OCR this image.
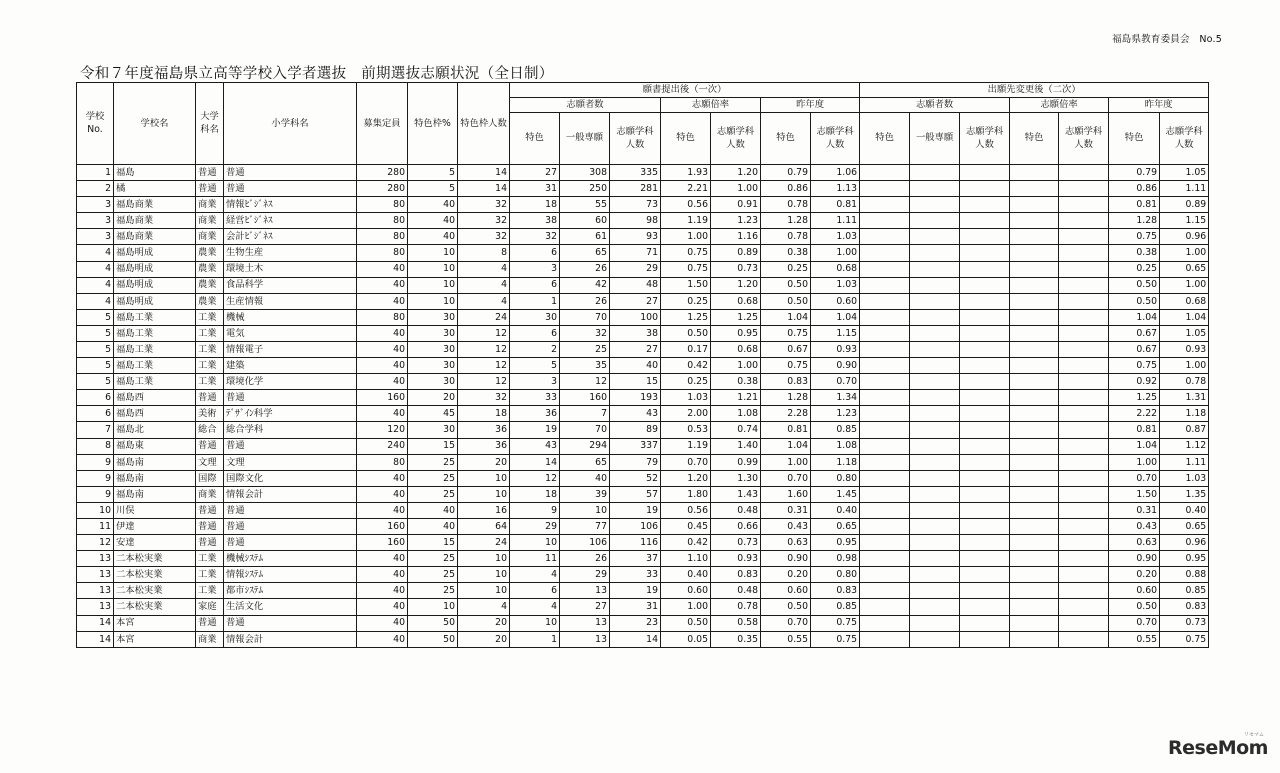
福島県教育委員会　No.5
令和７年度福島県立高等学校入学者選抜　前期選抜志願状況（全日制）
学校No.	学校名	大学科名	小学科名	募集定員	特色枠%	特色枠人数	願書提出後（一次）							出願先変更後（二次）						
							志願者数			志願倍率		昨年度		志願者数			志願倍率		昨年度	
							特色	一般専願	志願学科人数	特色	志願学科人数	特色	志願学科人数	特色	一般専願	志願学科人数	特色	志願学科人数	特色	志願学科人数
1	福島	普通	普通	280	5	14	27	308	335	1.93	1.20	0.79	1.06						0.79	1.05
2	橘	普通	普通	280	5	14	31	250	281	2.21	1.00	0.86	1.13						0.86	1.11
3	福島商業	商業	情報ﾋﾞｼﾞﾈｽ	80	40	32	18	55	73	0.56	0.91	0.78	0.81						0.81	0.89
3	福島商業	商業	経営ﾋﾞｼﾞﾈｽ	80	40	32	38	60	98	1.19	1.23	1.28	1.11						1.28	1.15
3	福島商業	商業	会計ﾋﾞｼﾞﾈｽ	80	40	32	32	61	93	1.00	1.16	0.78	1.03						0.75	0.96
4	福島明成	農業	生物生産	80	10	8	6	65	71	0.75	0.89	0.38	1.00						0.38	1.00
4	福島明成	農業	環境土木	40	10	4	3	26	29	0.75	0.73	0.25	0.68						0.25	0.65
4	福島明成	農業	食品科学	40	10	4	6	42	48	1.50	1.20	0.50	1.03						0.50	1.00
4	福島明成	農業	生産情報	40	10	4	1	26	27	0.25	0.68	0.50	0.60						0.50	0.68
5	福島工業	工業	機械	80	30	24	30	70	100	1.25	1.25	1.04	1.04						1.04	1.04
5	福島工業	工業	電気	40	30	12	6	32	38	0.50	0.95	0.75	1.15						0.67	1.05
5	福島工業	工業	情報電子	40	30	12	2	25	27	0.17	0.68	0.67	0.93						0.67	0.93
5	福島工業	工業	建築	40	30	12	5	35	40	0.42	1.00	0.75	0.90						0.75	1.00
5	福島工業	工業	環境化学	40	30	12	3	12	15	0.25	0.38	0.83	0.70						0.92	0.78
6	福島西	普通	普通	160	20	32	33	160	193	1.03	1.21	1.28	1.34						1.25	1.31
6	福島西	美術	ﾃﾞｻﾞｲﾝ科学	40	45	18	36	7	43	2.00	1.08	2.28	1.23						2.22	1.18
7	福島北	総合	総合学科	120	30	36	19	70	89	0.53	0.74	0.81	0.85						0.81	0.87
8	福島東	普通	普通	240	15	36	43	294	337	1.19	1.40	1.04	1.08						1.04	1.12
9	福島南	文理	文理	80	25	20	14	65	79	0.70	0.99	1.00	1.18						1.00	1.11
9	福島南	国際	国際文化	40	25	10	12	40	52	1.20	1.30	0.70	0.80						0.70	1.03
9	福島南	商業	情報会計	40	25	10	18	39	57	1.80	1.43	1.60	1.45						1.50	1.35
10	川俣	普通	普通	40	40	16	9	10	19	0.56	0.48	0.31	0.40						0.31	0.40
11	伊達	普通	普通	160	40	64	29	77	106	0.45	0.66	0.43	0.65						0.43	0.65
12	安達	普通	普通	160	15	24	10	106	116	0.42	0.73	0.63	0.95						0.63	0.96
13	二本松実業	工業	機械ｼｽﾃﾑ	40	25	10	11	26	37	1.10	0.93	0.90	0.98						0.90	0.95
13	二本松実業	工業	情報ｼｽﾃﾑ	40	25	10	4	29	33	0.40	0.83	0.20	0.80						0.20	0.88
13	二本松実業	工業	都市ｼｽﾃﾑ	40	25	10	6	13	19	0.60	0.48	0.60	0.83						0.60	0.85
13	二本松実業	家庭	生活文化	40	10	4	4	27	31	1.00	0.78	0.50	0.85						0.50	0.83
14	本宮	普通	普通	40	50	20	10	13	23	0.50	0.58	0.70	0.75						0.70	0.73
14	本宮	商業	情報会計	40	50	20	1	13	14	0.05	0.35	0.55	0.75						0.55	0.75
ReseMom
リセマム
